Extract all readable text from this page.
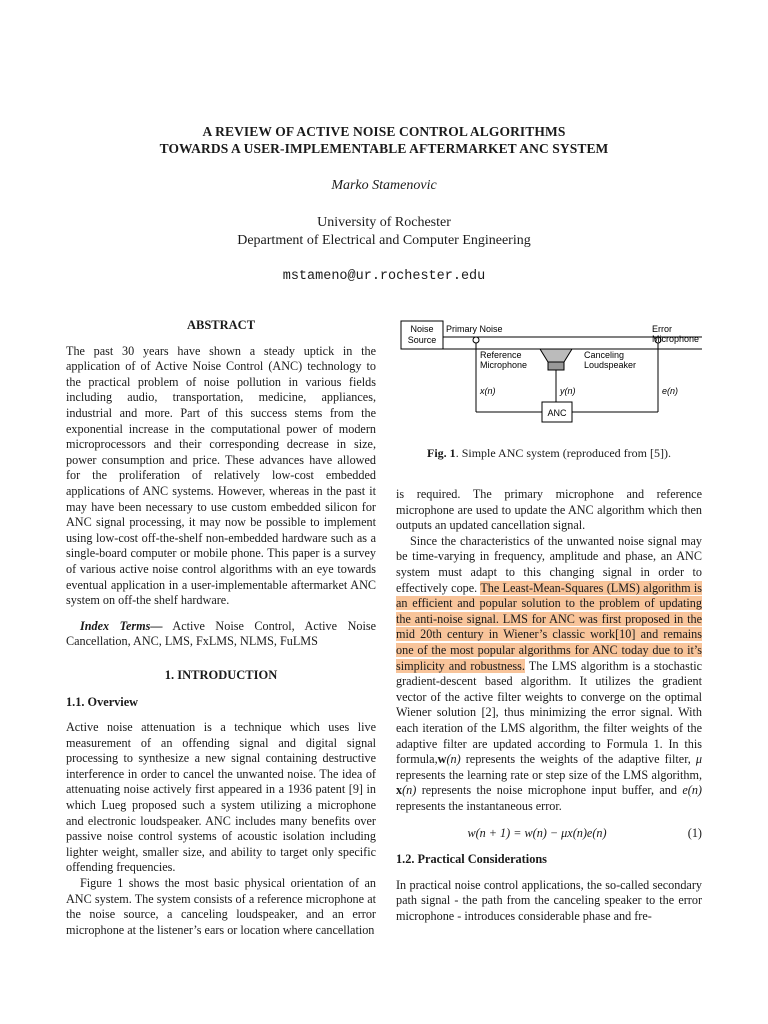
A REVIEW OF ACTIVE NOISE CONTROL ALGORITHMS
TOWARDS A USER-IMPLEMENTABLE AFTERMARKET ANC SYSTEM
Marko Stamenovic
University of Rochester
Department of Electrical and Computer Engineering
mstameno@ur.rochester.edu
ABSTRACT

The past 30 years have shown a steady uptick in the application of of Active Noise Control (ANC) technology to the practical problem of noise pollution in various fields including audio, transportation, medicine, appliances, industrial and more. Part of this success stems from the exponential increase in the computational power of modern microprocessors and their corresponding decrease in size, power consumption and price. These advances have allowed for the proliferation of relatively low-cost embedded applications of ANC systems. However, whereas in the past it may have been necessary to use custom embedded silicon for ANC signal processing, it may now be possible to implement using low-cost off-the-shelf non-embedded hardware such as a single-board computer or mobile phone. This paper is a survey of various active noise control algorithms with an eye towards eventual application in a user-implementable aftermarket ANC system on off-the shelf hardware.

Index Terms— Active Noise Control, Active Noise Cancellation, ANC, LMS, FxLMS, NLMS, FuLMS

1. INTRODUCTION
1.1. Overview

Active noise attenuation is a technique which uses live measurement of an offending signal and digital signal processing to synthesize a new signal containing destructive interference in order to cancel the unwanted noise. The idea of attenuating noise actively first appeared in a 1936 patent [9] in which Lueg proposed such a system utilizing a microphone and electronic loudspeaker. ANC includes many benefits over passive noise control systems of acoustic isolation including lighter weight, smaller size, and ability to target only specific offending frequencies.

Figure 1 shows the most basic physical orientation of an ANC system. The system consists of a reference microphone at the noise source, a canceling loudspeaker, and an error microphone at the listener’s ears or location where cancellation

Noise
Source
Primary Noise
Reference
Microphone
Canceling
Loudspeaker
Error
Microphone
ANC
x(n)	y(n)	e(n)
Fig. 1. Simple ANC system (reproduced from [5]).

is required. The primary microphone and reference microphone are used to update the ANC algorithm which then outputs an updated cancellation signal.

Since the characteristics of the unwanted noise signal may be time-varying in frequency, amplitude and phase, an ANC system must adapt to this changing signal in order to effectively cope. The Least-Mean-Squares (LMS) algorithm is an efficient and popular solution to the problem of updating the anti-noise signal. LMS for ANC was first proposed in the mid 20th century in Wiener’s classic work[10] and remains one of the most popular algorithms for ANC today due to it’s simplicity and robustness. The LMS algorithm is a stochastic gradient-descent based algorithm. It utilizes the gradient vector of the active filter weights to converge on the optimal Wiener solution [2], thus minimizing the error signal. With each iteration of the LMS algorithm, the filter weights of the adaptive filter are updated according to Formula 1. In this formula,w(n) represents the weights of the adaptive filter, μ represents the learning rate or step size of the LMS algorithm, x(n) represents the noise microphone input buffer, and e(n) represents the instantaneous error.

w(n + 1) = w(n) − μx(n)e(n)	(1)
1.2. Practical Considerations

In practical noise control applications, the so-called secondary path signal - the path from the canceling speaker to the error microphone - introduces considerable phase and fre-
